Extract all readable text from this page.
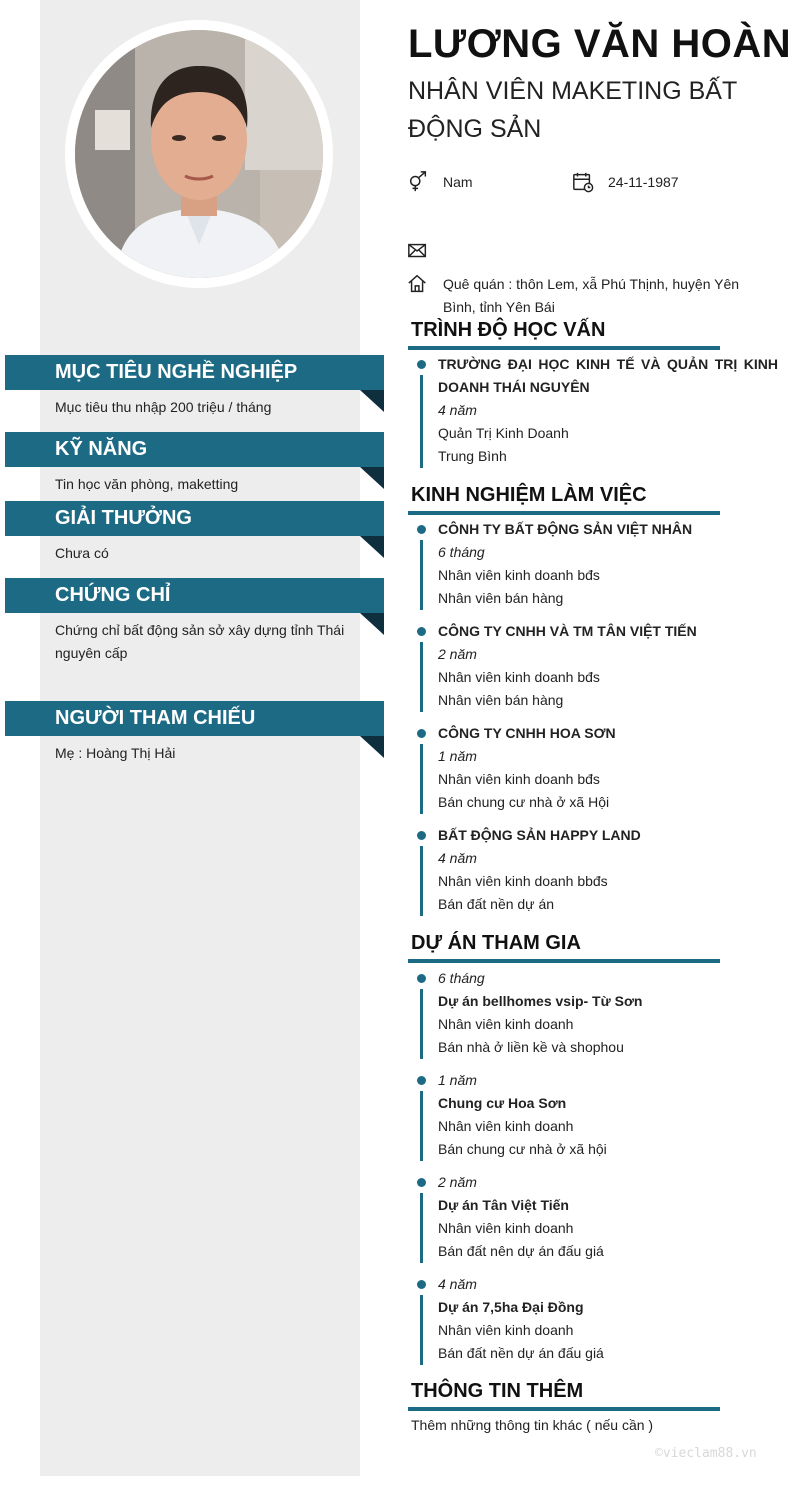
MỤC TIÊU NGHỀ NGHIỆP
Mục tiêu thu nhập 200 triệu / tháng
KỸ NĂNG
Tin học văn phòng, maketting
GIẢI THƯỞNG
Chưa có
CHỨNG CHỈ
Chứng chỉ bất động sản sở xây dựng tỉnh Thái nguyên cấp
NGƯỜI THAM CHIẾU
Mẹ : Hoàng Thị Hải
LƯƠNG VĂN HOÀN
NHÂN VIÊN MAKETING BẤT ĐỘNG SẢN
Nam	24-11-1987
Quê quán : thôn Lem, xẫ Phú Thịnh, huyện Yên Bình, tỉnh Yên Bái
TRÌNH ĐỘ HỌC VẤN
TRƯỜNG ĐẠI HỌC KINH TẾ VÀ QUẢN TRỊ KINH DOANH THÁI NGUYÊN
4 năm
Quản Trị Kinh Doanh
Trung Bình
KINH NGHIỆM LÀM VIỆC
CÔNH TY BẤT ĐỘNG SẢN VIỆT NHÂN
6 tháng
Nhân viên kinh doanh bđs
Nhân viên bán hàng
CÔNG TY CNHH VÀ TM TÂN VIỆT TIẾN
2 năm
Nhân viên kinh doanh bđs
Nhân viên bán hàng
CÔNG TY CNHH HOA SƠN
1 năm
Nhân viên kinh doanh bđs
Bán chung cư nhà ở xã Hội
BẤT ĐỘNG SẢN HAPPY LAND
4 năm
Nhân viên kinh doanh bbđs
Bán đất nền dự án
DỰ ÁN THAM GIA
6 tháng
Dự án bellhomes vsip- Từ Sơn
Nhân viên kinh doanh
Bán nhà ở liền kề và shophou
1 năm
Chung cư Hoa Sơn
Nhân viên kinh doanh
Bán chung cư nhà ở xã hội
2 năm
Dự án Tân Việt Tiến
Nhân viên kinh doanh
Bán đất nên dự án đấu giá
4 năm
Dự án 7,5ha Đại Đồng
Nhân viên kinh doanh
Bán đất nền dự án đấu giá
THÔNG TIN THÊM
Thêm những thông tin khác ( nếu cần )
©vieclam88.vn
